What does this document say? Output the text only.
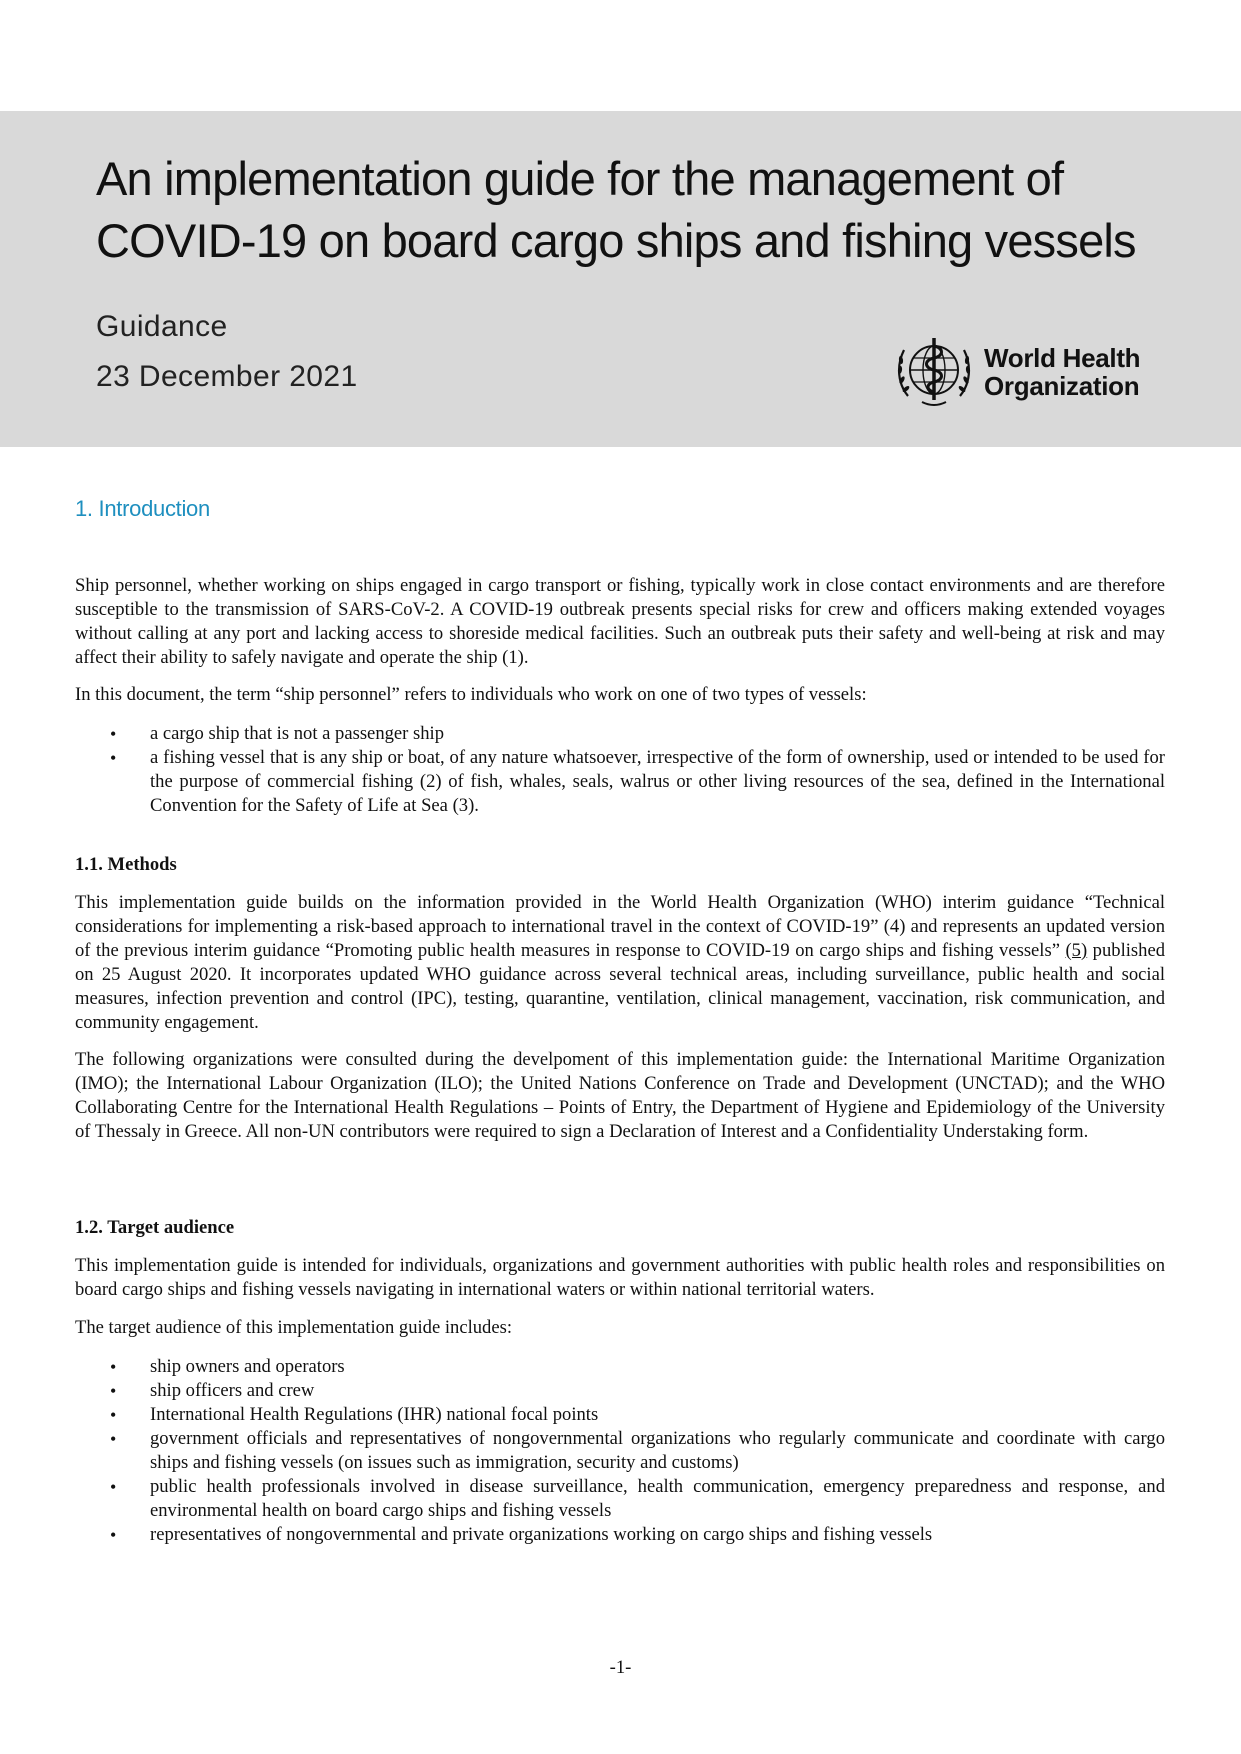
An implementation guide for the management of
COVID-19 on board cargo ships and fishing vessels
Guidance
23 December 2021
World Health
Organization
1. Introduction

Ship personnel, whether working on ships engaged in cargo transport or fishing, typically work in close contact environments and are therefore susceptible to the transmission of SARS-CoV-2. A COVID-19 outbreak presents special risks for crew and officers making extended voyages without calling at any port and lacking access to shoreside medical facilities. Such an outbreak puts their safety and well-being at risk and may affect their ability to safely navigate and operate the ship (1).

In this document, the term “ship personnel” refers to individuals who work on one of two types of vessels:

• a cargo ship that is not a passenger ship
• a fishing vessel that is any ship or boat, of any nature whatsoever, irrespective of the form of ownership, used or intended to be used for the purpose of commercial fishing (2) of fish, whales, seals, walrus or other living resources of the sea, defined in the International Convention for the Safety of Life at Sea (3).
1.1. Methods

This implementation guide builds on the information provided in the World Health Organization (WHO) interim guidance “Technical considerations for implementing a risk-based approach to international travel in the context of COVID-19” (4) and represents an updated version of the previous interim guidance “Promoting public health measures in response to COVID-19 on cargo ships and fishing vessels” (5) published on 25 August 2020. It incorporates updated WHO guidance across several technical areas, including surveillance, public health and social measures, infection prevention and control (IPC), testing, quarantine, ventilation, clinical management, vaccination, risk communication, and community engagement.

The following organizations were consulted during the develpoment of this implementation guide: the International Maritime Organization (IMO); the International Labour Organization (ILO); the United Nations Conference on Trade and Development (UNCTAD); and the WHO Collaborating Centre for the International Health Regulations – Points of Entry, the Department of Hygiene and Epidemiology of the University of Thessaly in Greece. All non-UN contributors were required to sign a Declaration of Interest and a Confidentiality Understaking form.

1.2. Target audience

This implementation guide is intended for individuals, organizations and government authorities with public health roles and responsibilities on board cargo ships and fishing vessels navigating in international waters or within national territorial waters.

The target audience of this implementation guide includes:

• ship owners and operators
• ship officers and crew
• International Health Regulations (IHR) national focal points
• government officials and representatives of nongovernmental organizations who regularly communicate and coordinate with cargo ships and fishing vessels (on issues such as immigration, security and customs)
• public health professionals involved in disease surveillance, health communication, emergency preparedness and response, and environmental health on board cargo ships and fishing vessels
• representatives of nongovernmental and private organizations working on cargo ships and fishing vessels
-1-
